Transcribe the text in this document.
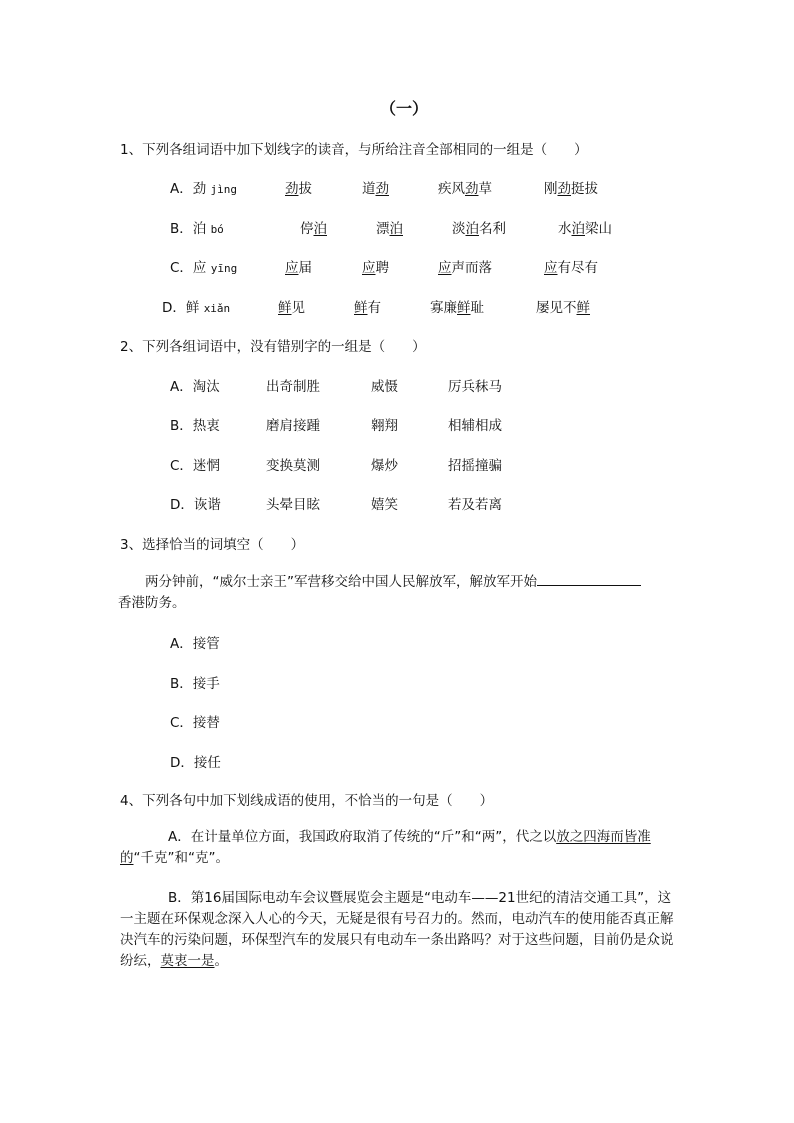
（一）
1、下列各组词语中加下划线字的读音，与所给注音全部相同的一组是（　　）
A．劲 jìng	劲拔	道劲	疾风劲草	刚劲挺拔
B．泊 bó	停泊	漂泊	淡泊名利	水泊梁山
C．应 yīng	应届	应聘	应声而落	应有尽有
D．鲜 xiǎn	鲜见	鲜有	寡廉鲜耻	屡见不鲜
2、下列各组词语中，没有错别字的一组是（　　）
A．淘汰	出奇制胜	威慑	厉兵秣马
B．热衷	磨肩接踵	翱翔	相辅相成
C．迷惘	变换莫测	爆炒	招摇撞骗
D．诙谐	头晕目眩	嬉笑	若及若离
3、选择恰当的词填空（　　）
两分钟前，“威尔士亲王”军营移交给中国人民解放军，解放军开始
香港防务。
A．接管
B．接手
C．接替
D．接任
4、下列各句中加下划线成语的使用，不恰当的一句是（　　）
A．在计量单位方面，我国政府取消了传统的“斤”和“两”，代之以放之四海而皆准的“千克”和“克”。
B．第16届国际电动车会议暨展览会主题是“电动车——21世纪的清洁交通工具”，这一主题在环保观念深入人心的今天，无疑是很有号召力的。然而，电动汽车的使用能否真正解决汽车的污染问题，环保型汽车的发展只有电动车一条出路吗？对于这些问题，目前仍是众说纷纭，莫衷一是。
